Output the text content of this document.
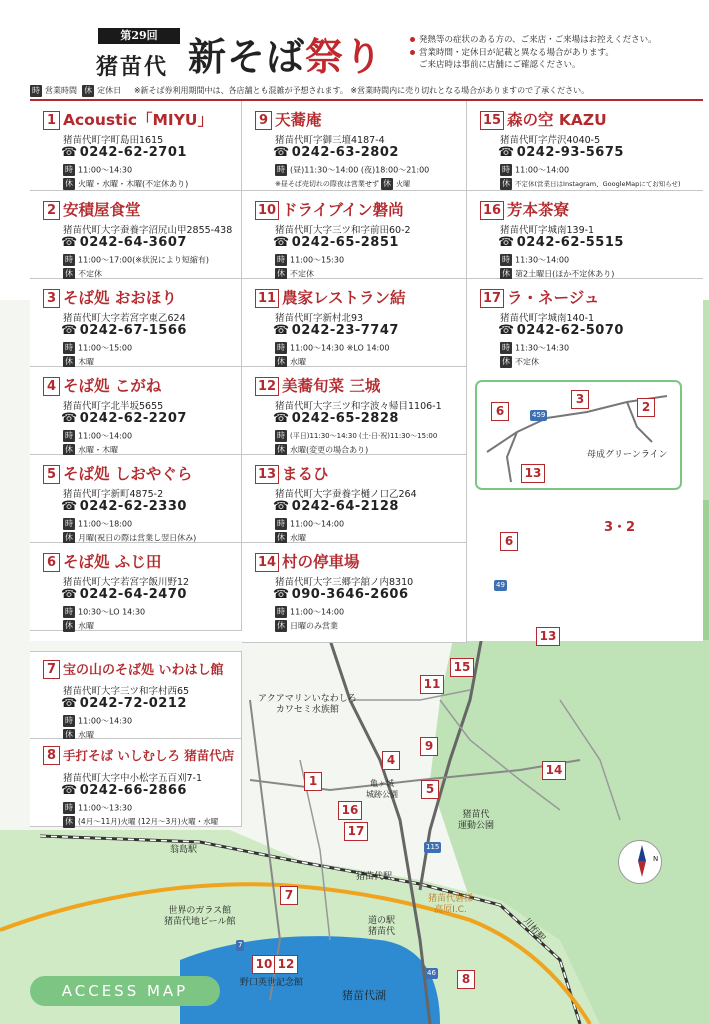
第29回
猪苗代 新そば祭り	発熱等の症状のある方の、ご来店・ご来場はお控えください。
営業時間・定休日が記載と異なる場合があります。
ご来店時は事前に店舗にご確認ください。
時 営業時間 休 定休日 ※新そば券利用期間中は、各店舗とも混雑が予想されます。 ※営業時間内に売り切れとなる場合がありますので了承ください。
N
1 Acoustic「MIYU」
猪苗代町字町島田1615
☎ 0242-62-2701
時 11:00〜14:30
休 火曜・水曜・木曜(不定休あり)
2 安積屋食堂
猪苗代町大字蚕養字沼尻山甲2855-438
☎ 0242-64-3607
時 11:00〜17:00(※状況により短縮有)
休 不定休
3 そば処 おおほり
猪苗代町大字若宮字東乙624
☎ 0242-67-1566
時 11:00〜15:00
休 木曜
4 そば処 こがね
猪苗代町字北半坂5655
☎ 0242-62-2207
時 11:00〜14:00
休 水曜・木曜
5 そば処 しおやぐら
猪苗代町字新町4875-2
☎ 0242-62-2330
時 11:00〜18:00
休 月曜(祝日の際は営業し翌日休み)
6 そば処 ふじ田
猪苗代町大字若宮字飯川野12
☎ 0242-64-2470
時 10:30〜LO 14:30
休 水曜
9 天蕎庵
猪苗代町字御三壇4187-4
☎ 0242-63-2802
時 (昼)11:30〜14:00 (夜)18:00〜21:00
※昼そば売切れの際夜は営業せず 休 火曜
10 ドライブイン磐尚
猪苗代町大字三ツ和字前田60-2
☎ 0242-65-2851
時 11:00〜15:30
休 不定休
11 農家レストラン結
猪苗代町字新村北93
☎ 0242-23-7747
時 11:00〜14:30 ※LO 14:00
休 水曜
12 美蕎旬菜 三城
猪苗代町大字三ツ和字波々帰目1106-1
☎ 0242-65-2828
時 (平日)11:30〜14:30 (土·日·祝)11:30〜15:00
休 水曜(変更の場合あり)
13 まるひ
猪苗代町大字蚕養字樋ノ口乙264
☎ 0242-64-2128
時 11:00〜14:00
休 水曜
14 村の停車場
猪苗代町大字三郷字舘ノ内8310
☎ 090-3646-2606
時 11:00〜14:00
休 日曜のみ営業
15 森の空 KAZU
猪苗代町字芹沢4040-5
☎ 0242-93-5675
時 11:00〜14:00
休 不定休(営業日はInstagram、GoogleMapにてお知らせ)
16 芳本茶寮
猪苗代町字城南139-1
☎ 0242-62-5515
時 11:30〜14:00
休 第2土曜日(ほか不定休あり)
17 ラ・ネージュ
猪苗代町字城南140-1
☎ 0242-62-5070
時 11:30〜14:30
休 不定休
7 宝の山のそば処 いわはし館
猪苗代町大字三ツ和字村西65
☎ 0242-72-0212
時 11:00〜14:30
休 水曜
8 手打そば いしむしろ 猪苗代店
猪苗代町大字中小松字五百刈7-1
☎ 0242-66-2866
時 11:00〜13:30
休 (4月〜11月)火曜 (12月〜3月)火曜・水曜
6
3
2
13
母成グリーンライン
3・2
1
4
5
6
7
8
9
10
11
12
13
14
15
16
17
アクアマリンいなわしろ
カワセミ水族館
亀ヶ城
城跡公園
猪苗代
運動公園
翁島駅
猪苗代駅
世界のガラス館
猪苗代地ビール館	道の駅
猪苗代
猪苗代磐梯
高原I.C.
川桁駅
野口英世記念館
猪苗代湖
115
49
459
7
46
ACCESS MAP
